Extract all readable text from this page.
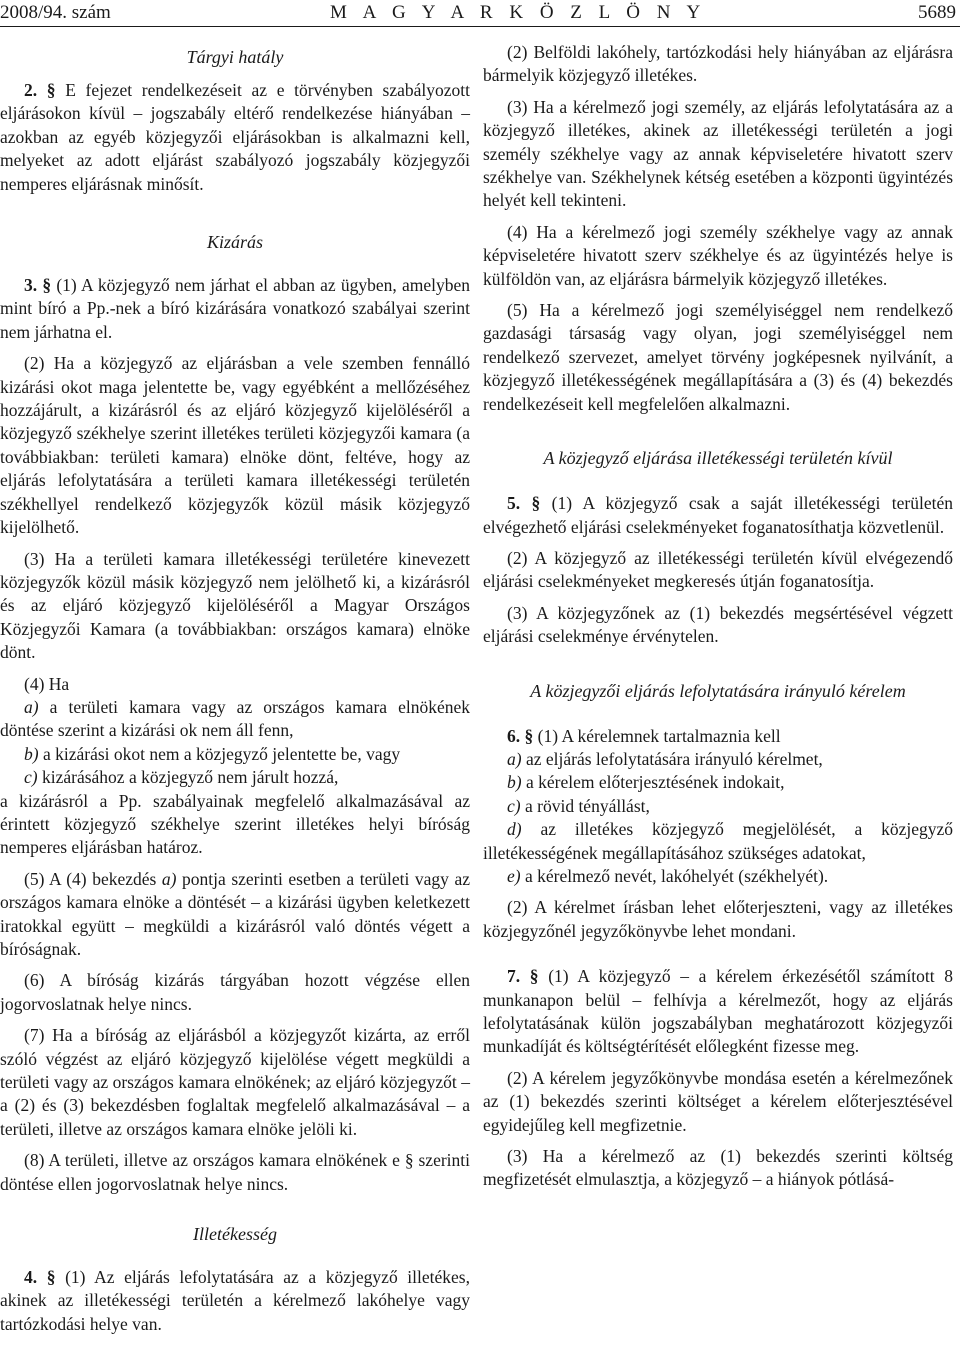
2008/94. szám	M A G Y A R K Ö Z L Ö N Y	5689
Tárgyi hatály

2. § E fejezet rendelkezéseit az e törvényben szabályozott eljárásokon kívül – jogszabály eltérő rendelkezése hiányában – azokban az egyéb közjegyzői eljárásokban is alkalmazni kell, melyeket az adott eljárást szabályozó jogszabály közjegyzői nemperes eljárásnak minősít.

Kizárás

3. § (1) A közjegyző nem járhat el abban az ügyben, amelyben mint bíró a Pp.-nek a bíró kizárására vonatkozó szabályai szerint nem járhatna el.

(2) Ha a közjegyző az eljárásban a vele szemben fennálló kizárási okot maga jelentette be, vagy egyébként a mellőzéséhez hozzájárult, a kizárásról és az eljáró közjegyző kijelöléséről a közjegyző székhelye szerint illetékes területi közjegyzői kamara (a továbbiakban: területi kamara) elnöke dönt, feltéve, hogy az eljárás lefolytatására a területi kamara illetékességi területén székhellyel rendelkező közjegyzők közül másik közjegyző kijelölhető.

(3) Ha a területi kamara illetékességi területére kinevezett közjegyzők közül másik közjegyző nem jelölhető ki, a kizárásról és az eljáró közjegyző kijelöléséről a Magyar Országos Közjegyzői Kamara (a továbbiakban: országos kamara) elnöke dönt.

(4) Ha

a) a területi kamara vagy az országos kamara elnökének döntése szerint a kizárási ok nem áll fenn,

b) a kizárási okot nem a közjegyző jelentette be, vagy

c) kizárásához a közjegyző nem járult hozzá,

a kizárásról a Pp. szabályainak megfelelő alkalmazásával az érintett közjegyző székhelye szerint illetékes helyi bíróság nemperes eljárásban határoz.

(5) A (4) bekezdés a) pontja szerinti esetben a területi vagy az országos kamara elnöke a döntését – a kizárási ügyben keletkezett iratokkal együtt – megküldi a kizárásról való döntés végett a bíróságnak.

(6) A bíróság kizárás tárgyában hozott végzése ellen jogorvoslatnak helye nincs.

(7) Ha a bíróság az eljárásból a közjegyzőt kizárta, az erről szóló végzést az eljáró közjegyző kijelölése végett megküldi a területi vagy az országos kamara elnökének; az eljáró közjegyzőt – a (2) és (3) bekezdésben foglaltak megfelelő alkalmazásával – a területi, illetve az országos kamara elnöke jelöli ki.

(8) A területi, illetve az országos kamara elnökének e § szerinti döntése ellen jogorvoslatnak helye nincs.

Illetékesség

4. § (1) Az eljárás lefolytatására az a közjegyző illetékes, akinek az illetékességi területén a kérelmező lakóhelye vagy tartózkodási helye van.

(2) Belföldi lakóhely, tartózkodási hely hiányában az eljárásra bármelyik közjegyző illetékes.

(3) Ha a kérelmező jogi személy, az eljárás lefolytatására az a közjegyző illetékes, akinek az illetékességi területén a jogi személy székhelye vagy az annak képviseletére hivatott szerv székhelye van. Székhelynek kétség esetében a központi ügyintézés helyét kell tekinteni.

(4) Ha a kérelmező jogi személy székhelye vagy az annak képviseletére hivatott szerv székhelye és az ügyintézés helye is külföldön van, az eljárásra bármelyik közjegyző illetékes.

(5) Ha a kérelmező jogi személyiséggel nem rendelkező gazdasági társaság vagy olyan, jogi személyiséggel nem rendelkező szervezet, amelyet törvény jogképesnek nyilvánít, a közjegyző illetékességének megállapítására a (3) és (4) bekezdés rendelkezéseit kell megfelelően alkalmazni.

A közjegyző eljárása illetékességi területén kívül

5. § (1) A közjegyző csak a saját illetékességi területén elvégezhető eljárási cselekményeket foganatosíthatja közvetlenül.

(2) A közjegyző az illetékességi területén kívül elvégezendő eljárási cselekményeket megkeresés útján foganatosítja.

(3) A közjegyzőnek az (1) bekezdés megsértésével végzett eljárási cselekménye érvénytelen.

A közjegyzői eljárás lefolytatására irányuló kérelem

6. § (1) A kérelemnek tartalmaznia kell

a) az eljárás lefolytatására irányuló kérelmet,

b) a kérelem előterjesztésének indokait,

c) a rövid tényállást,

d) az illetékes közjegyző megjelölését, a közjegyző illetékességének megállapításához szükséges adatokat,

e) a kérelmező nevét, lakóhelyét (székhelyét).

(2) A kérelmet írásban lehet előterjeszteni, vagy az illetékes közjegyzőnél jegyzőkönyvbe lehet mondani.

7. § (1) A közjegyző – a kérelem érkezésétől számított 8 munkanapon belül – felhívja a kérelmezőt, hogy az eljárás lefolytatásának külön jogszabályban meghatározott közjegyzői munkadíját és költségtérítését előlegként fizesse meg.

(2) A kérelem jegyzőkönyvbe mondása esetén a kérelmezőnek az (1) bekezdés szerinti költséget a kérelem előterjesztésével egyidejűleg kell megfizetnie.

(3) Ha a kérelmező az (1) bekezdés szerinti költség megfizetését elmulasztja, a közjegyző – a hiányok pótlásá-
